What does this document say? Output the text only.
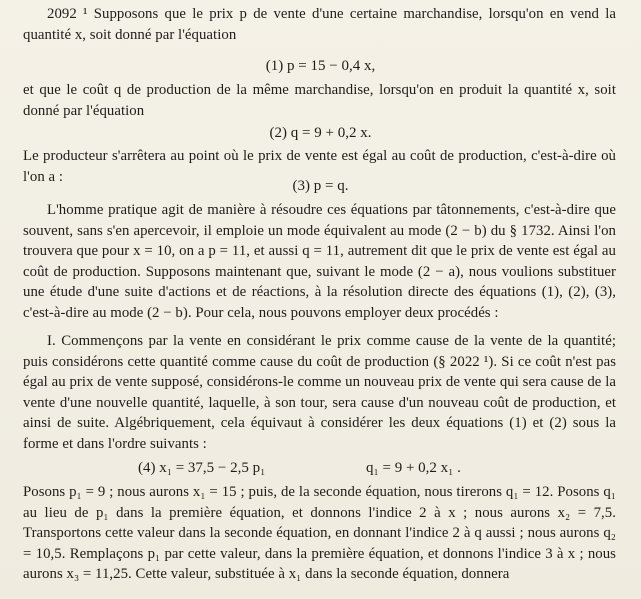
2092 ¹ Supposons que le prix p de vente d'une certaine marchandise, lorsqu'on en vend la quantité x, soit donné par l'équation
(1) p = 15 − 0,4 x,
et que le coût q de production de la même marchandise, lorsqu'on en produit la quantité x, soit donné par l'équation
(2) q = 9 + 0,2 x.
Le producteur s'arrêtera au point où le prix de vente est égal au coût de production, c'est-à-dire où l'on a :
(3) p = q.
L'homme pratique agit de manière à résoudre ces équations par tâtonnements, c'est-à-dire que souvent, sans s'en apercevoir, il emploie un mode équivalent au mode (2 − b) du § 1732. Ainsi l'on trouvera que pour x = 10, on a p = 11, et aussi q = 11, autrement dit que le prix de vente est égal au coût de production. Supposons maintenant que, suivant le mode (2 − a), nous voulions substituer une étude d'une suite d'actions et de réactions, à la résolution directe des équations (1), (2), (3), c'est-à-dire au mode (2 − b). Pour cela, nous pouvons employer deux procédés :
I. Commençons par la vente en considérant le prix comme cause de la vente de la quantité; puis considérons cette quantité comme cause du coût de production (§ 2022 ¹). Si ce coût n'est pas égal au prix de vente supposé, considérons-le comme un nouveau prix de vente qui sera cause de la vente d'une nouvelle quantité, laquelle, à son tour, sera cause d'un nouveau coût de production, et ainsi de suite. Algébriquement, cela équivaut à considérer les deux équations (1) et (2) sous la forme et dans l'ordre suivants :
(4) x₁ = 37,5 − 2,5 p₁	q₁ = 9 + 0,2 x₁ .
Posons p₁ = 9 ; nous aurons x₁ = 15 ; puis, de la seconde équation, nous tirerons q₁ = 12. Posons q₁ au lieu de p₁ dans la première équation, et donnons l'indice 2 à x ; nous aurons x₂ = 7,5. Transportons cette valeur dans la seconde équation, en donnant l'indice 2 à q aussi ; nous aurons q₂ = 10,5. Remplaçons p₁ par cette valeur, dans la première équation, et donnons l'indice 3 à x ; nous aurons x₃ = 11,25. Cette valeur, substituée à x₁ dans la seconde équation, donnera
